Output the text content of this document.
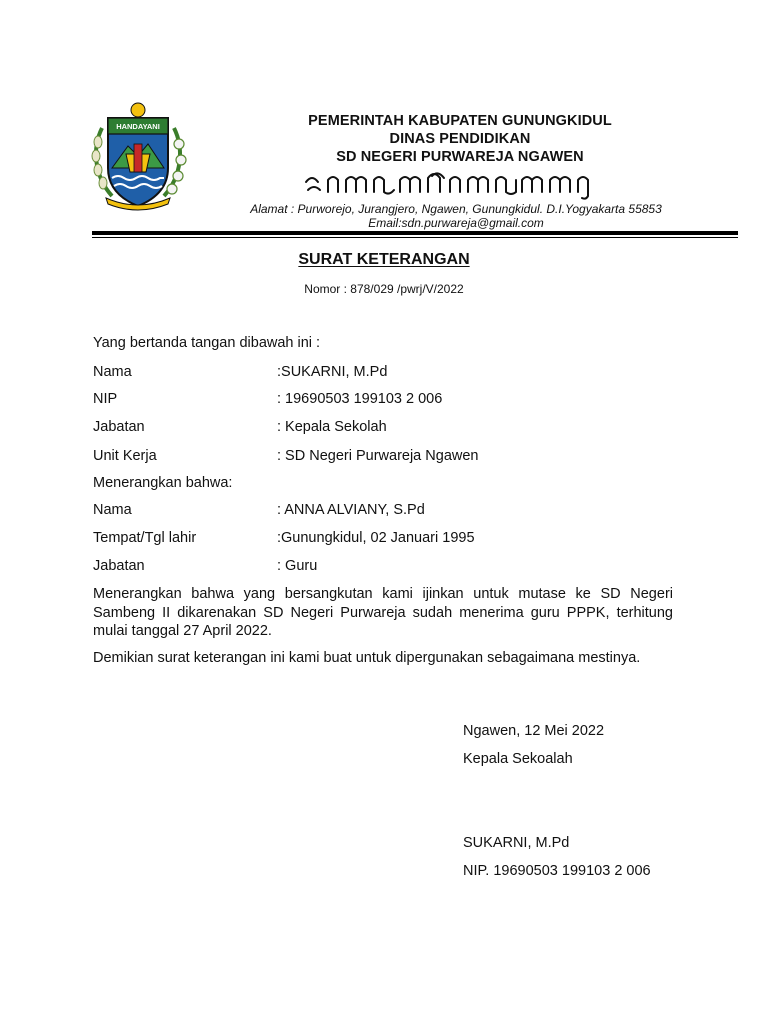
HANDAYANI	PEMERINTAH KABUPATEN GUNUNGKIDUL
DINAS PENDIDIKAN
SD NEGERI PURWAREJA NGAWEN
Alamat : Purworejo, Jurangjero, Ngawen, Gunungkidul. D.I.Yogyakarta 55853
Email:sdn.purwareja@gmail.com
SURAT KETERANGAN
Nomor : 878/029 /pwrj/V/2022
Yang bertanda tangan dibawah ini :
Nama	:SUKARNI, M.Pd
NIP	: 19690503 199103 2 006
Jabatan	: Kepala Sekolah
Unit Kerja	: SD Negeri Purwareja Ngawen
Menerangkan bahwa:
Nama	: ANNA ALVIANY, S.Pd
Tempat/Tgl lahir	:Gunungkidul, 02 Januari 1995
Jabatan	: Guru
Menerangkan bahwa yang bersangkutan kami ijinkan untuk mutase ke SD Negeri Sambeng II dikarenakan SD Negeri Purwareja sudah menerima guru PPPK, terhitung mulai tanggal 27 April 2022.
Demikian surat keterangan ini kami buat untuk dipergunakan sebagaimana mestinya.
Ngawen, 12 Mei 2022
Kepala Sekoalah
SUKARNI, M.Pd
NIP. 19690503 199103 2 006
